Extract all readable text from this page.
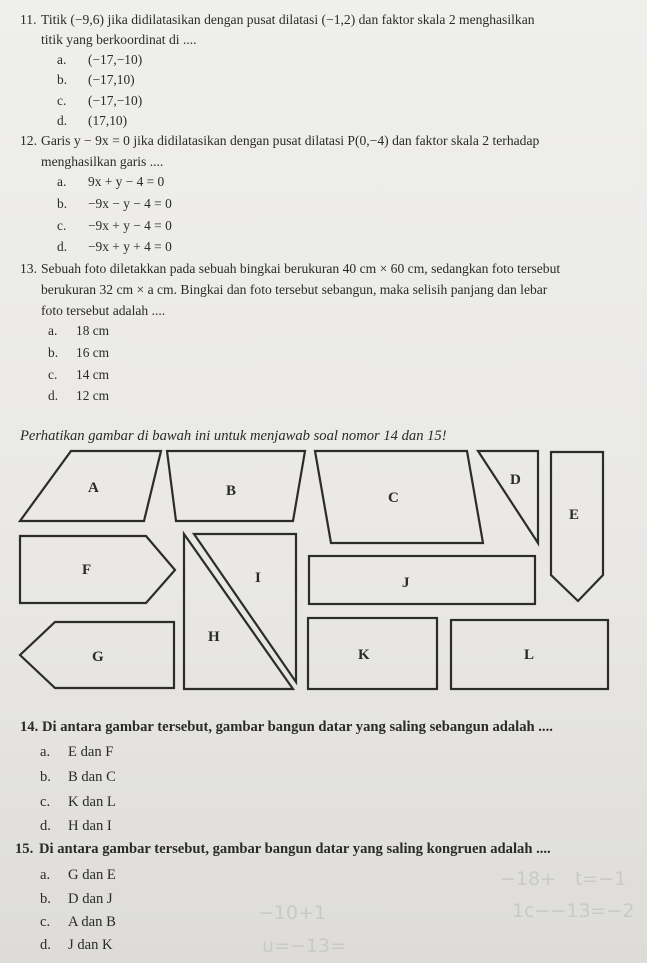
11. Titik (−9,6) jika didilatasikan dengan pusat dilatasi (−1,2) dan faktor skala 2 menghasilkan
titik yang berkoordinat di ....
a. (−17,−10)
b. (−17,10)
c. (−17,−10)
d. (17,10)
12. Garis y − 9x = 0 jika didilatasikan dengan pusat dilatasi P(0,−4) dan faktor skala 2 terhadap
menghasilkan garis ....
a. 9x + y − 4 = 0
b. −9x − y − 4 = 0
c. −9x + y − 4 = 0
d. −9x + y + 4 = 0
13. Sebuah foto diletakkan pada sebuah bingkai berukuran 40 cm × 60 cm, sedangkan foto tersebut
berukuran 32 cm × a cm. Bingkai dan foto tersebut sebangun, maka selisih panjang dan lebar
foto tersebut adalah ....
a. 18 cm
b. 16 cm
c. 14 cm
d. 12 cm
Perhatikan gambar di bawah ini untuk menjawab soal nomor 14 dan 15!
A	B	C
D
E
F	I	J
H
G	K	L
14. Di antara gambar tersebut, gambar bangun datar yang saling sebangun adalah ....
a. E dan F
b. B dan C
c. K dan L
d. H dan I
15. Di antara gambar tersebut, gambar bangun datar yang saling kongruen adalah ....
a. G dan E
b. D dan J
c. A dan B
d. J dan K
−18+ t=−1
−10+1	1c−−13=−2
u=−13=
